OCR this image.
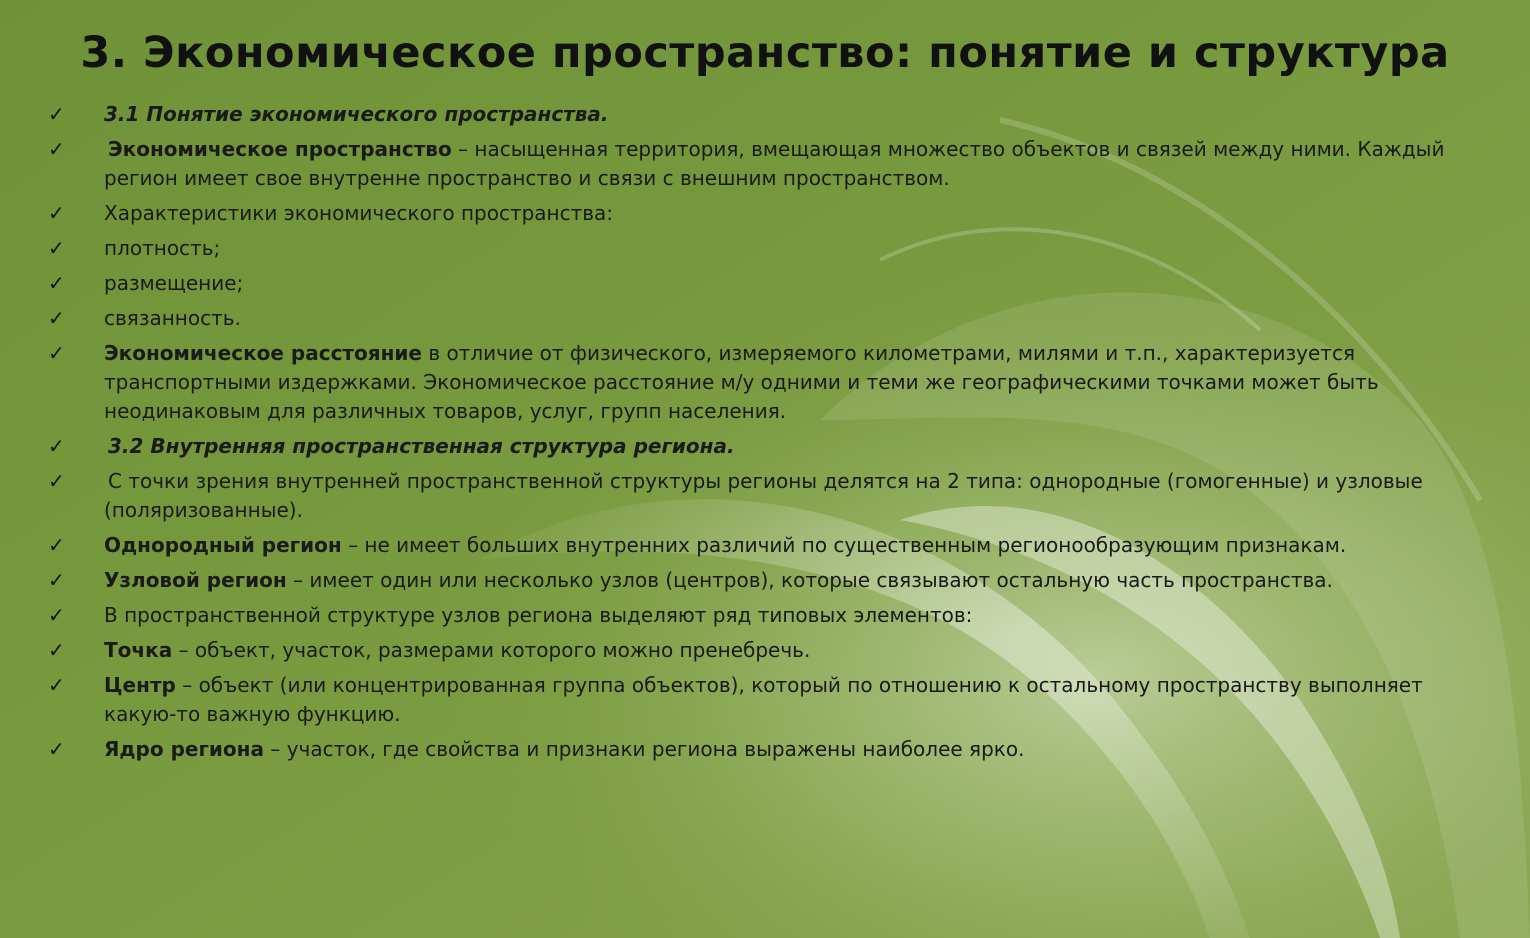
3. Экономическое пространство: понятие и структура
✓ 3.1 Понятие экономического пространства.
✓ Экономическое пространство – насыщенная территория, вмещающая множество объектов и связей между ними. Каждый регион имеет свое внутренне пространство и связи с внешним пространством.
✓ Характеристики экономического пространства:
✓ плотность;
✓ размещение;
✓ связанность.
✓ Экономическое расстояние в отличие от физического, измеряемого километрами, милями и т.п., характеризуется транспортными издержками. Экономическое расстояние м/у одними и теми же географическими точками может быть неодинаковым для различных товаров, услуг, групп населения.
✓ 3.2 Внутренняя пространственная структура региона.
✓ С точки зрения внутренней пространственной структуры регионы делятся на 2 типа: однородные (гомогенные) и узловые (поляризованные).
✓ Однородный регион – не имеет больших внутренних различий по существенным регионообразующим признакам.
✓ Узловой регион – имеет один или несколько узлов (центров), которые связывают остальную часть пространства.
✓ В пространственной структуре узлов региона выделяют ряд типовых элементов:
✓ Точка – объект, участок, размерами которого можно пренебречь.
✓ Центр – объект (или концентрированная группа объектов), который по отношению к остальному пространству выполняет какую-то важную функцию.
✓ Ядро региона – участок, где свойства и признаки региона выражены наиболее ярко.
